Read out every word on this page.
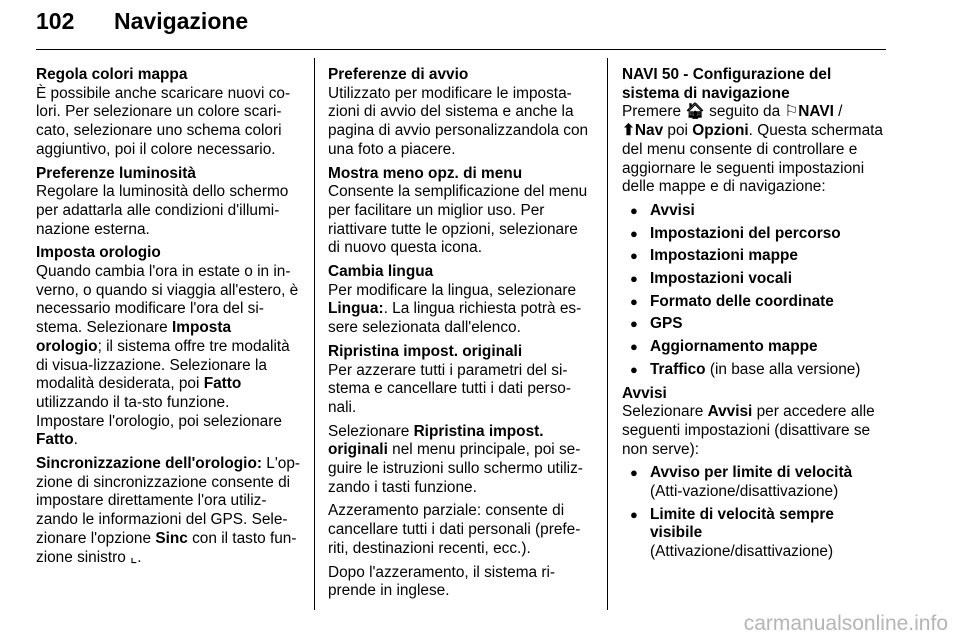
102 Navigazione
Regola colori mappa
È possibile anche scaricare nuovi co-lori. Per selezionare un colore scari-cato, selezionare uno schema colori aggiuntivo, poi il colore necessario.
Preferenze luminosità
Regolare la luminosità dello schermo per adattarla alle condizioni d'illumi-nazione esterna.
Imposta orologio
Quando cambia l'ora in estate o in in-verno, o quando si viaggia all'estero, è necessario modificare l'ora del si-stema. Selezionare Imposta orologio; il sistema offre tre modalità di visua-lizzazione. Selezionare la modalità desiderata, poi Fatto utilizzando il ta-sto funzione. Impostare l'orologio, poi selezionare Fatto.
Sincronizzazione dell'orologio: L'op-zione di sincronizzazione consente di impostare direttamente l'ora utiliz-zando le informazioni del GPS. Sele-zionare l'opzione Sinc con il tasto fun-zione sinistro ⌞.
Preferenze di avvio
Utilizzato per modificare le imposta-zioni di avvio del sistema e anche la pagina di avvio personalizzandola con una foto a piacere.
Mostra meno opz. di menu
Consente la semplificazione del menu per facilitare un miglior uso. Per riattivare tutte le opzioni, selezionare di nuovo questa icona.
Cambia lingua
Per modificare la lingua, selezionare Lingua:. La lingua richiesta potrà es-sere selezionata dall'elenco.
Ripristina impost. originali

Per azzerare tutti i parametri del si-stema e cancellare tutti i dati perso-nali.

Selezionare Ripristina impost. originali nel menu principale, poi se-guire le istruzioni sullo schermo utiliz-zando i tasti funzione.

Azzeramento parziale: consente di cancellare tutti i dati personali (prefe-riti, destinazioni recenti, ecc.).

Dopo l'azzeramento, il sistema ri-prende in inglese.

NAVI 50 - Configurazione del sistema di navigazione
Premere 🏠︎ seguito da ⚐NAVI / ⬆Nav poi Opzioni. Questa schermata del menu consente di controllare e aggiornare le seguenti impostazioni delle mappe e di navigazione:
● Avvisi
● Impostazioni del percorso
● Impostazioni mappe
● Impostazioni vocali
● Formato delle coordinate
● GPS
● Aggiornamento mappe
● Traffico (in base alla versione)
Avvisi
Selezionare Avvisi per accedere alle seguenti impostazioni (disattivare se non serve):
● Avviso per limite di velocità (Atti-vazione/disattivazione)
● Limite di velocità sempre visibile (Attivazione/disattivazione)
carmanualsonline.info
